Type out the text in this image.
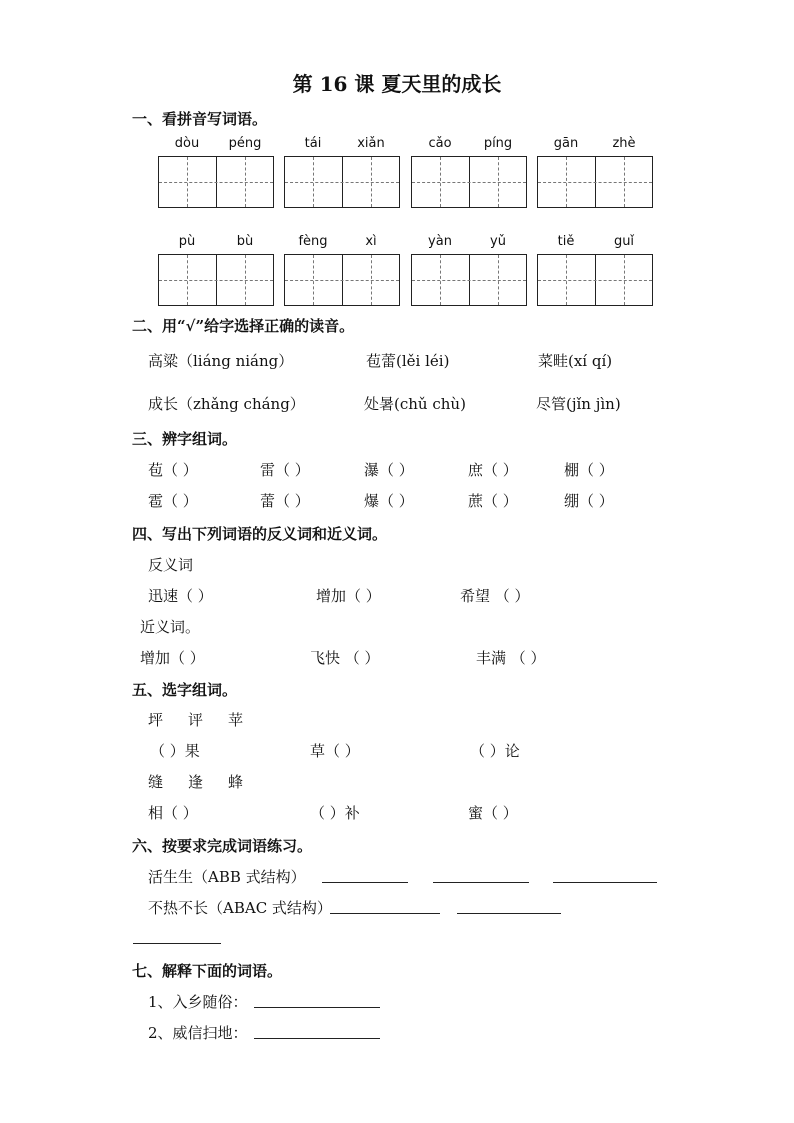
第 16 课 夏天里的成长
一、看拼音写词语。
dòu	péng	tái	xiǎn	cǎo	píng	gān	zhè
pù	bù	fèng	xì	yàn	yǔ	tiě	guǐ
二、用“√”给字选择正确的读音。
高粱（liáng niáng）	苞蕾(lěi léi)	菜畦(xí qí)
成长（zhǎng cháng）	处暑(chǔ chù)	尽管(jǐn jìn)
三、辨字组词。
苞（ ）	雷（ ）	瀑（ ）	庶（ ）	棚（ ）
雹（ ）	蕾（ ）	爆（ ）	蔗（ ）	绷（ ）
四、写出下列词语的反义词和近义词。
反义词
迅速（ ）	增加（ ）	希望 （ ）
近义词。
增加（ ）	飞快 （ ）	丰满 （ ）
五、选字组词。
坪 评 苹
（ ）果	草（ ）	（ ）论
缝 逢 蜂
相（ ）	（ ）补	蜜（ ）
六、按要求完成词语练习。
活生生（ABB 式结构）
不热不长（ABAC 式结构）
七、解释下面的词语。
1、入乡随俗：
2、威信扫地：
